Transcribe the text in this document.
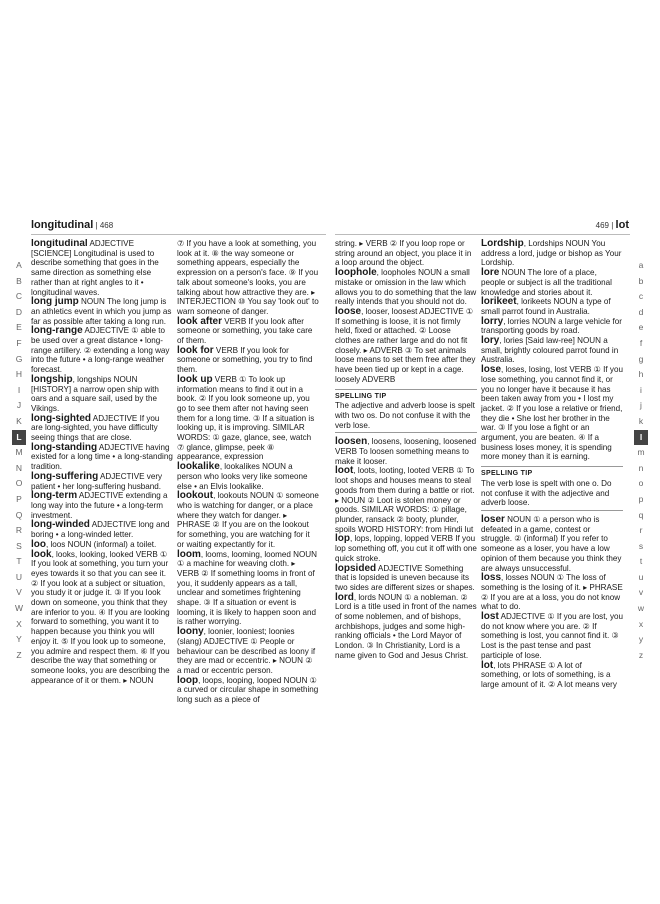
longitudinal | 468	469 | lot
A
B
C
D
E
F
G
H
I
J
K
L
M
N
O
P
Q
R
S
T
U
V
W
X
Y
Z
a
b
c
d
e
f
g
h
i
j
k
l
m
n
o
p
q
r
s
t
u
v
w
x
y
z

longitudinal ADJECTIVE [SCIENCE] Longitudinal is used to describe something that goes in the same direction as something else rather than at right angles to it • longitudinal waves.

long jump NOUN The long jump is an athletics event in which you jump as far as possible after taking a long run.

long-range ADJECTIVE ① able to be used over a great distance • long-range artillery. ② extending a long way into the future • a long-range weather forecast.

longship, longships NOUN [HISTORY] a narrow open ship with oars and a square sail, used by the Vikings.

long-sighted ADJECTIVE If you are long-sighted, you have difficulty seeing things that are close.

long-standing ADJECTIVE having existed for a long time • a long-standing tradition.

long-suffering ADJECTIVE very patient • her long-suffering husband.

long-term ADJECTIVE extending a long way into the future • a long-term investment.

long-winded ADJECTIVE long and boring • a long-winded letter.

loo, loos NOUN (informal) a toilet.

look, looks, looking, looked VERB ① If you look at something, you turn your eyes towards it so that you can see it. ② If you look at a subject or situation, you study it or judge it. ③ If you look down on someone, you think that they are inferior to you. ④ If you are looking forward to something, you want it to happen because you think you will enjoy it. ⑤ If you look up to someone, you admire and respect them. ⑥ If you describe the way that something or someone looks, you are describing the appearance of it or them. ▸ NOUN

⑦ If you have a look at something, you look at it. ⑧ the way someone or something appears, especially the expression on a person's face. ⑨ If you talk about someone's looks, you are talking about how attractive they are. ▸ INTERJECTION ⑩ You say 'look out' to warn someone of danger.

look after VERB If you look after someone or something, you take care of them.

look for VERB If you look for someone or something, you try to find them.

look up VERB ① To look up information means to find it out in a book. ② If you look someone up, you go to see them after not having seen them for a long time. ③ If a situation is looking up, it is improving. SIMILAR WORDS: ① gaze, glance, see, watch ⑦ glance, glimpse, peek ⑧ appearance, expression

lookalike, lookalikes NOUN a person who looks very like someone else • an Elvis lookalike.

lookout, lookouts NOUN ① someone who is watching for danger, or a place where they watch for danger. ▸ PHRASE ② If you are on the lookout for something, you are watching for it or waiting expectantly for it.

loom, looms, looming, loomed NOUN ① a machine for weaving cloth. ▸ VERB ② If something looms in front of you, it suddenly appears as a tall, unclear and sometimes frightening shape. ③ If a situation or event is looming, it is likely to happen soon and is rather worrying.

loony, loonier, looniest; loonies (slang) ADJECTIVE ① People or behaviour can be described as loony if they are mad or eccentric. ▸ NOUN ② a mad or eccentric person.

loop, loops, looping, looped NOUN ① a curved or circular shape in something long such as a piece of

string. ▸ VERB ② If you loop rope or string around an object, you place it in a loop around the object.

loophole, loopholes NOUN a small mistake or omission in the law which allows you to do something that the law really intends that you should not do.

loose, looser, loosest ADJECTIVE ① If something is loose, it is not firmly held, fixed or attached. ② Loose clothes are rather large and do not fit closely. ▸ ADVERB ③ To set animals loose means to set them free after they have been tied up or kept in a cage. loosely ADVERB

SPELLING TIP
The adjective and adverb loose is spelt with two os. Do not confuse it with the verb lose.

loosen, loosens, loosening, loosened VERB To loosen something means to make it looser.

loot, loots, looting, looted VERB ① To loot shops and houses means to steal goods from them during a battle or riot. ▸ NOUN ② Loot is stolen money or goods. SIMILAR WORDS: ① pillage, plunder, ransack ② booty, plunder, spoils WORD HISTORY: from Hindi lut

lop, lops, lopping, lopped VERB If you lop something off, you cut it off with one quick stroke.

lopsided ADJECTIVE Something that is lopsided is uneven because its two sides are different sizes or shapes.

lord, lords NOUN ① a nobleman. ② Lord is a title used in front of the names of some noblemen, and of bishops, archbishops, judges and some high-ranking officials • the Lord Mayor of London. ③ In Christianity, Lord is a name given to God and Jesus Christ.

Lordship, Lordships NOUN You address a lord, judge or bishop as Your Lordship.

lore NOUN The lore of a place, people or subject is all the traditional knowledge and stories about it.

lorikeet, lorikeets NOUN a type of small parrot found in Australia.

lorry, lorries NOUN a large vehicle for transporting goods by road.

lory, lories [Said law-ree] NOUN a small, brightly coloured parrot found in Australia.

lose, loses, losing, lost VERB ① If you lose something, you cannot find it, or you no longer have it because it has been taken away from you • I lost my jacket. ② If you lose a relative or friend, they die • She lost her brother in the war. ③ If you lose a fight or an argument, you are beaten. ④ If a business loses money, it is spending more money than it is earning.

SPELLING TIP
The verb lose is spelt with one o. Do not confuse it with the adjective and adverb loose.

loser NOUN ① a person who is defeated in a game, contest or struggle. ② (informal) If you refer to someone as a loser, you have a low opinion of them because you think they are always unsuccessful.

loss, losses NOUN ① The loss of something is the losing of it. ▸ PHRASE ② If you are at a loss, you do not know what to do.

lost ADJECTIVE ① If you are lost, you do not know where you are. ② If something is lost, you cannot find it. ③ Lost is the past tense and past participle of lose.

lot, lots PHRASE ① A lot of something, or lots of something, is a large amount of it. ② A lot means very
